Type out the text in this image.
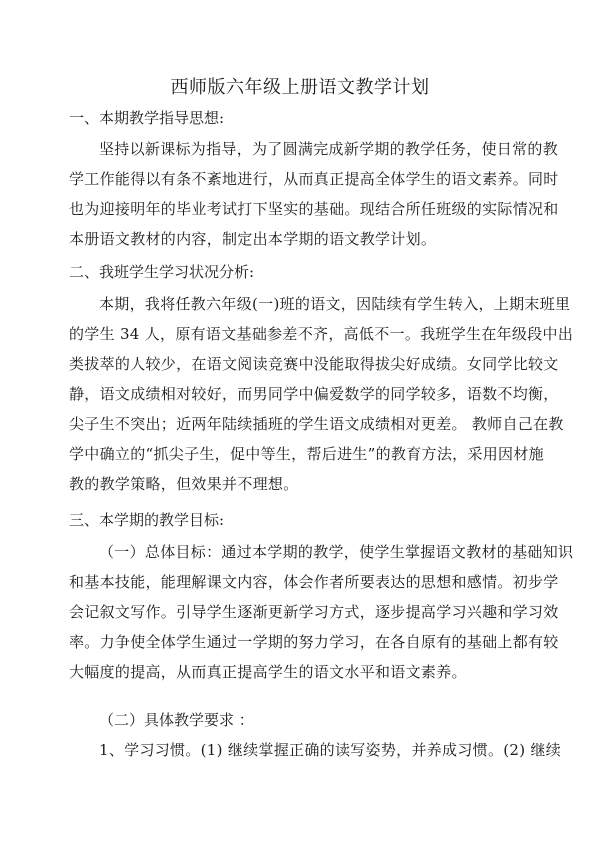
西师版六年级上册语文教学计划
一、本期教学指导思想:
坚持以新课标为指导，为了圆满完成新学期的教学任务，使日常的教
学工作能得以有条不紊地进行，从而真正提高全体学生的语文素养。同时
也为迎接明年的毕业考试打下坚实的基础。现结合所任班级的实际情况和
本册语文教材的内容，制定出本学期的语文教学计划。
二、我班学生学习状况分析:
本期，我将任教六年级(一)班的语文，因陆续有学生转入，上期末班里
的学生 34 人，原有语文基础参差不齐，高低不一。我班学生在年级段中出
类拔萃的人较少，在语文阅读竞赛中没能取得拔尖好成绩。女同学比较文
静，语文成绩相对较好，而男同学中偏爱数学的同学较多，语数不均衡，
尖子生不突出；近两年陆续插班的学生语文成绩相对更差。 教师自己在教
学中确立的“抓尖子生，促中等生，帮后进生”的教育方法，采用因材施
教的教学策略，但效果并不理想。
三、本学期的教学目标:
（一）总体目标：通过本学期的教学，使学生掌握语文教材的基础知识
和基本技能，能理解课文内容，体会作者所要表达的思想和感情。初步学
会记叙文写作。引导学生逐渐更新学习方式，逐步提高学习兴趣和学习效
率。力争使全体学生通过一学期的努力学习，在各自原有的基础上都有较
大幅度的提高，从而真正提高学生的语文水平和语文素养。
（二）具体教学要求 ：
1、学习习惯。(1) 继续掌握正确的读写姿势，并养成习惯。(2) 继续
